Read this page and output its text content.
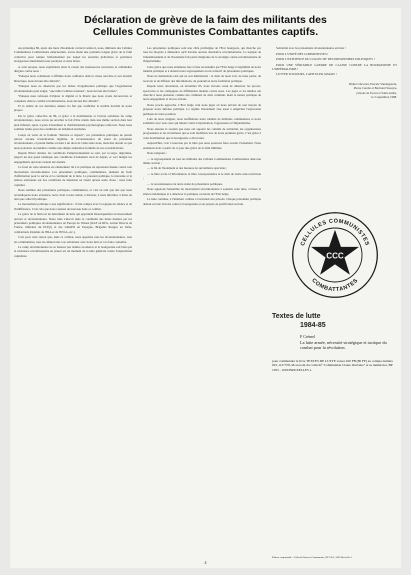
Déclaration de grève de la faim des militants des
Cellules Communistes Combattantes captifs.

Au printemps 86, après des mois d'isolement carcéral renforcé, nous, militants des Cellules Communistes Combattantes emprisonnés, avons mené une première longue grève de la faim collective pour rompre l'enfermement par lequel les autorités judiciaires et policières bourgeoises entendaient nous paralyser et nous briser.

A cette époque, nous exprimions ainsi la raison des manoeuvres terroristes et criminelles dirigées contre nous :

"Puisque nous continuons à affirmer notre confiance dans la classe ouvrière et son devenir historique, nous devons être détruits".

"Puisque nous ne désertons pas les tâches d'organisation politique que l'organisation révolutionnaire peut exiger, "que nulle Cellules restantes", nous devons être brisés".

"Puisque nous refusons d'abjurer la dignité et la liberté que nous avons découvertes et conquises dans le combat révolutionnaire, nous devons être détruits".

Et la réalité de ces dernières années n'a fait que confirmer la terrible lucidité de notre propos.

Par le grève collective de 86, et grâce à la mobilisation et l'action solidaires du camp révolutionnaire, nous avons pu arracher le fait d'être réunis dans une même section dans leur plan infernal, après 4 jours d'isolement et d'enfermement psychologique renforcés. Nous nous sommes battus pour des conditions de détention normales.

Conçu en vertu de la formule "détruire et séparer", les prisonniers politiques ne purent relever aucune revendication légitime, ni reconnaissance du statut de prisonnier révolutionnaire, et purent même accéder à un droit de visite entre nous, mais mis devant ce que nous pouvions reconnaître comme une simple réalisation formelle de nos revendications.

Depuis l'hiver dernier, les conditions d'emprisonnement se sont, par à-coups, dégradées, jusqu'à un état quasi identique aux conditions d'isolement total de départ, et ceci malgré les engagements qui nous avaient été donnés.

Ce fond de cette situation est entièrement lié à la politique de répression menée contre tout mouvement révolutionnaire. Les prisonniers politiques, communistes, tiennent un front d'affirmation pour la survie et la continuité de la lutte. La pression politique, le marasme et le silence entretenus sur nos conditions de détention ne visent qu'une seule chose : nous faire capituler.

Nous sommes des prisonniers politiques, communistes, et c'est en tant que tels que nous revendiquons notre existence, notre droit à nous réunir, à discuter, à nous informer, à lutter en tant que collectif politique.

Le mouvement politique a une signification : il faut rompre avec la logique du silence et de l'indifférence. C'est cela que nous voulons de nouveau dans ce combat.

La grève de la faim est un instrument de lutte qui appartient historiquement au mouvement ouvrier et révolutionnaire. Notre lutte s'inscrit dans la continuité des luttes menées par les prisonniers politiques révolutionnaires en Europe de l'Ouest (RAF en RFA, Action Directe en France, militants du PCE(r) et des GRAPO en Espagne, Brigades Rouges en Italie, combattants irlandais de l'IRA et de l'INLA, etc.).

C'est pour cette raison que, dans ce combat, nous appelons tous les révolutionnaires, tous les communistes, tous les démocrates à se solidariser avec notre lutte et à la faire connaître.

Le camp révolutionnaire ne se laissera pas réduire au silence et la bourgeoisie sait bien que la résistance révolutionnaire en prison est un moment de la lutte générale contre l'exploitation capitaliste.

Les prisonniers politiques sont une cible privilégiée de l'Etat bourgeois, qui cherche par tous les moyens à démontrer qu'il n'existe aucune alternative révolutionnaire. La logique de l'anéantissement et de l'isolement fait partie intégrante de la stratégie contre-révolutionnaire de l'impérialisme.

Cette grève que nous entamons vise à faire reconnaître par l'Etat belge la légitimité de notre identité politique et à obtenir notre regroupement en un collectif de prisonniers politiques.

Nous ne demandons rien qui ne soit élémentaire : le droit de nous voir, de nous parler, de recevoir et de diffuser des informations, de poursuivre notre formation politique.

Depuis notre arrestation, en décembre 85, nous n'avons cessé de dénoncer les procès-spectacles et les campagnes de diffamation menées contre nous. Les juges et les médias ont cherché à nous présenter comme des criminels de droit commun, niant la nature politique de notre engagement et de nos actions.

Notre procès approche. L'Etat belge veut nous juger en nous privant de tout moyen de préparer notre défense politique. Le régime d'isolement vise aussi à empêcher l'expression publique de notre position.

Loin de nous résigner, nous réaffirmons notre identité de militants communistes et notre solidarité avec tous ceux qui luttent contre l'exploitation, l'oppression et l'impérialisme.

Nous saluons le soutien que nous ont apporté les comités de solidarité, les organisations progressistes et les travailleurs qui se sont mobilisés lors de notre première grève. C'est grâce à cette mobilisation que la bourgeoisie a dû reculer.

Aujourd'hui, c'est à nouveau par la lutte que nous pourrons faire reculer l'isolement. Nous entamons donc à partir de ce jour une grève de la faim illimitée.

Nous exigeons :

— le regroupement de tous les militants des Cellules Communistes Combattantes dans une même section ;

— la fin de l'isolement et des mesures de surveillance spéciales ;

— le libre accès à l'information, la libre correspondance et le droit de visite sans restriction ;

— la reconnaissance de notre statut de prisonniers politiques.

Nous appelons l'ensemble du mouvement révolutionnaire à soutenir cette lutte, à briser le silence médiatique et à dénoncer la politique carcérale de l'Etat belge.

La lutte continue, à l'intérieur comme à l'extérieur des prisons. Chaque prisonnier politique debout est une victoire contre la bourgeoisie et ses projets de pacification sociale.

Solidarité avec les prisonniers révolutionnaires en lutte !

POUR L'UNITÉ DES COMMUNISTES !

POUR L'EXISTENCE DU COLLECTIF DES PRISONNIERS POLITIQUES !

POUR UNE VÉRITABLE GUERRE DE CLASSE CONTRE LA BOURGEOISIE ET L'IMPÉRIALISME !

LUTTER TOUJOURS, CAPITULER JAMAIS !

Didier Chevolet, Pascale Vandegeerde,
Pierre Carette et Bertrand Sassoye,
prisons de Forest et Saint-Gilles,
le 2 septembre 1988.
CELLULES COMMUNISTES
COMBATTANTES
CCC
Textes de lutte
1984-85
F Crémel
La lutte armée, nécessité stratégique et tactique du combat pour la révolution.
pour commander le livre TEXTES DE LUTTE verser 450 FB (80 FF) au compte numéro 001-1127576-46 au nom du collectif "Communiste Classe Ouvrière" et se numéroter, BP 1055 - 1000 BRUXELLES 1.
Éditeur responsable : Collectif Ouvrier Communiste, BP 1055, 1000 Bruxelles 1
4
